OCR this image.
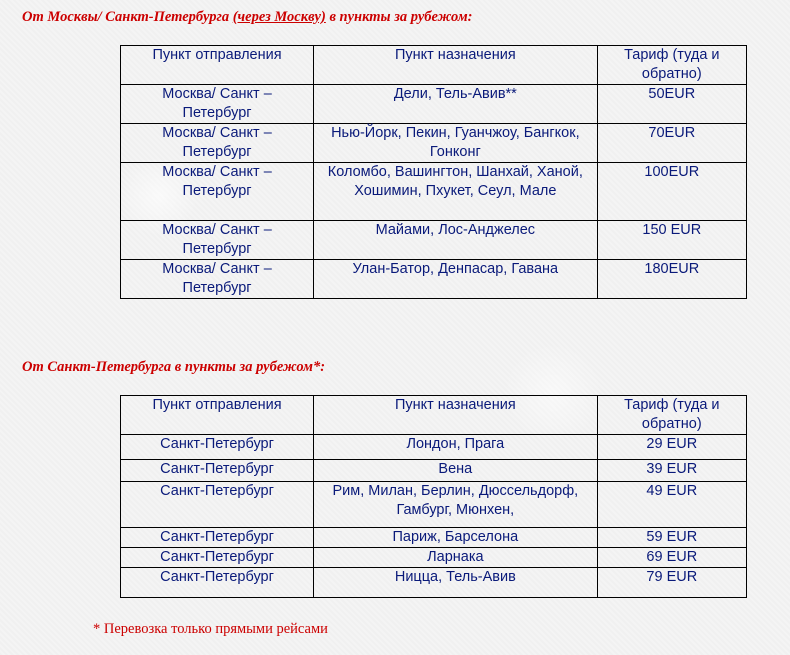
От Москвы/ Санкт-Петербурга (через Москву) в пункты за рубежом:
Пункт отправления	Пункт назначения	Тариф (туда и обратно)
Москва/ Санкт – Петербург	Дели, Тель-Авив**	50EUR
Москва/ Санкт – Петербург	Нью-Йорк, Пекин, Гуанчжоу, Бангкок, Гонконг	70EUR
Москва/ Санкт – Петербург	Коломбо, Вашингтон, Шанхай, Ханой, Хошимин, Пхукет, Сеул, Мале	100EUR
Москва/ Санкт – Петербург	Майами, Лос-Анджелес	150 EUR
Москва/ Санкт – Петербург	Улан-Батор, Денпасар, Гавана	180EUR
От Санкт-Петербурга в пункты за рубежом*:
Пункт отправления	Пункт назначения	Тариф (туда и обратно)
Санкт-Петербург	Лондон, Прага	29 EUR
Санкт-Петербург	Вена	39 EUR
Санкт-Петербург	Рим, Милан, Берлин, Дюссельдорф, Гамбург, Мюнхен,	49 EUR
Санкт-Петербург	Париж, Барселона	59 EUR
Санкт-Петербург	Ларнака	69 EUR
Санкт-Петербург	Ницца, Тель-Авив	79 EUR
* Перевозка только прямыми рейсами
